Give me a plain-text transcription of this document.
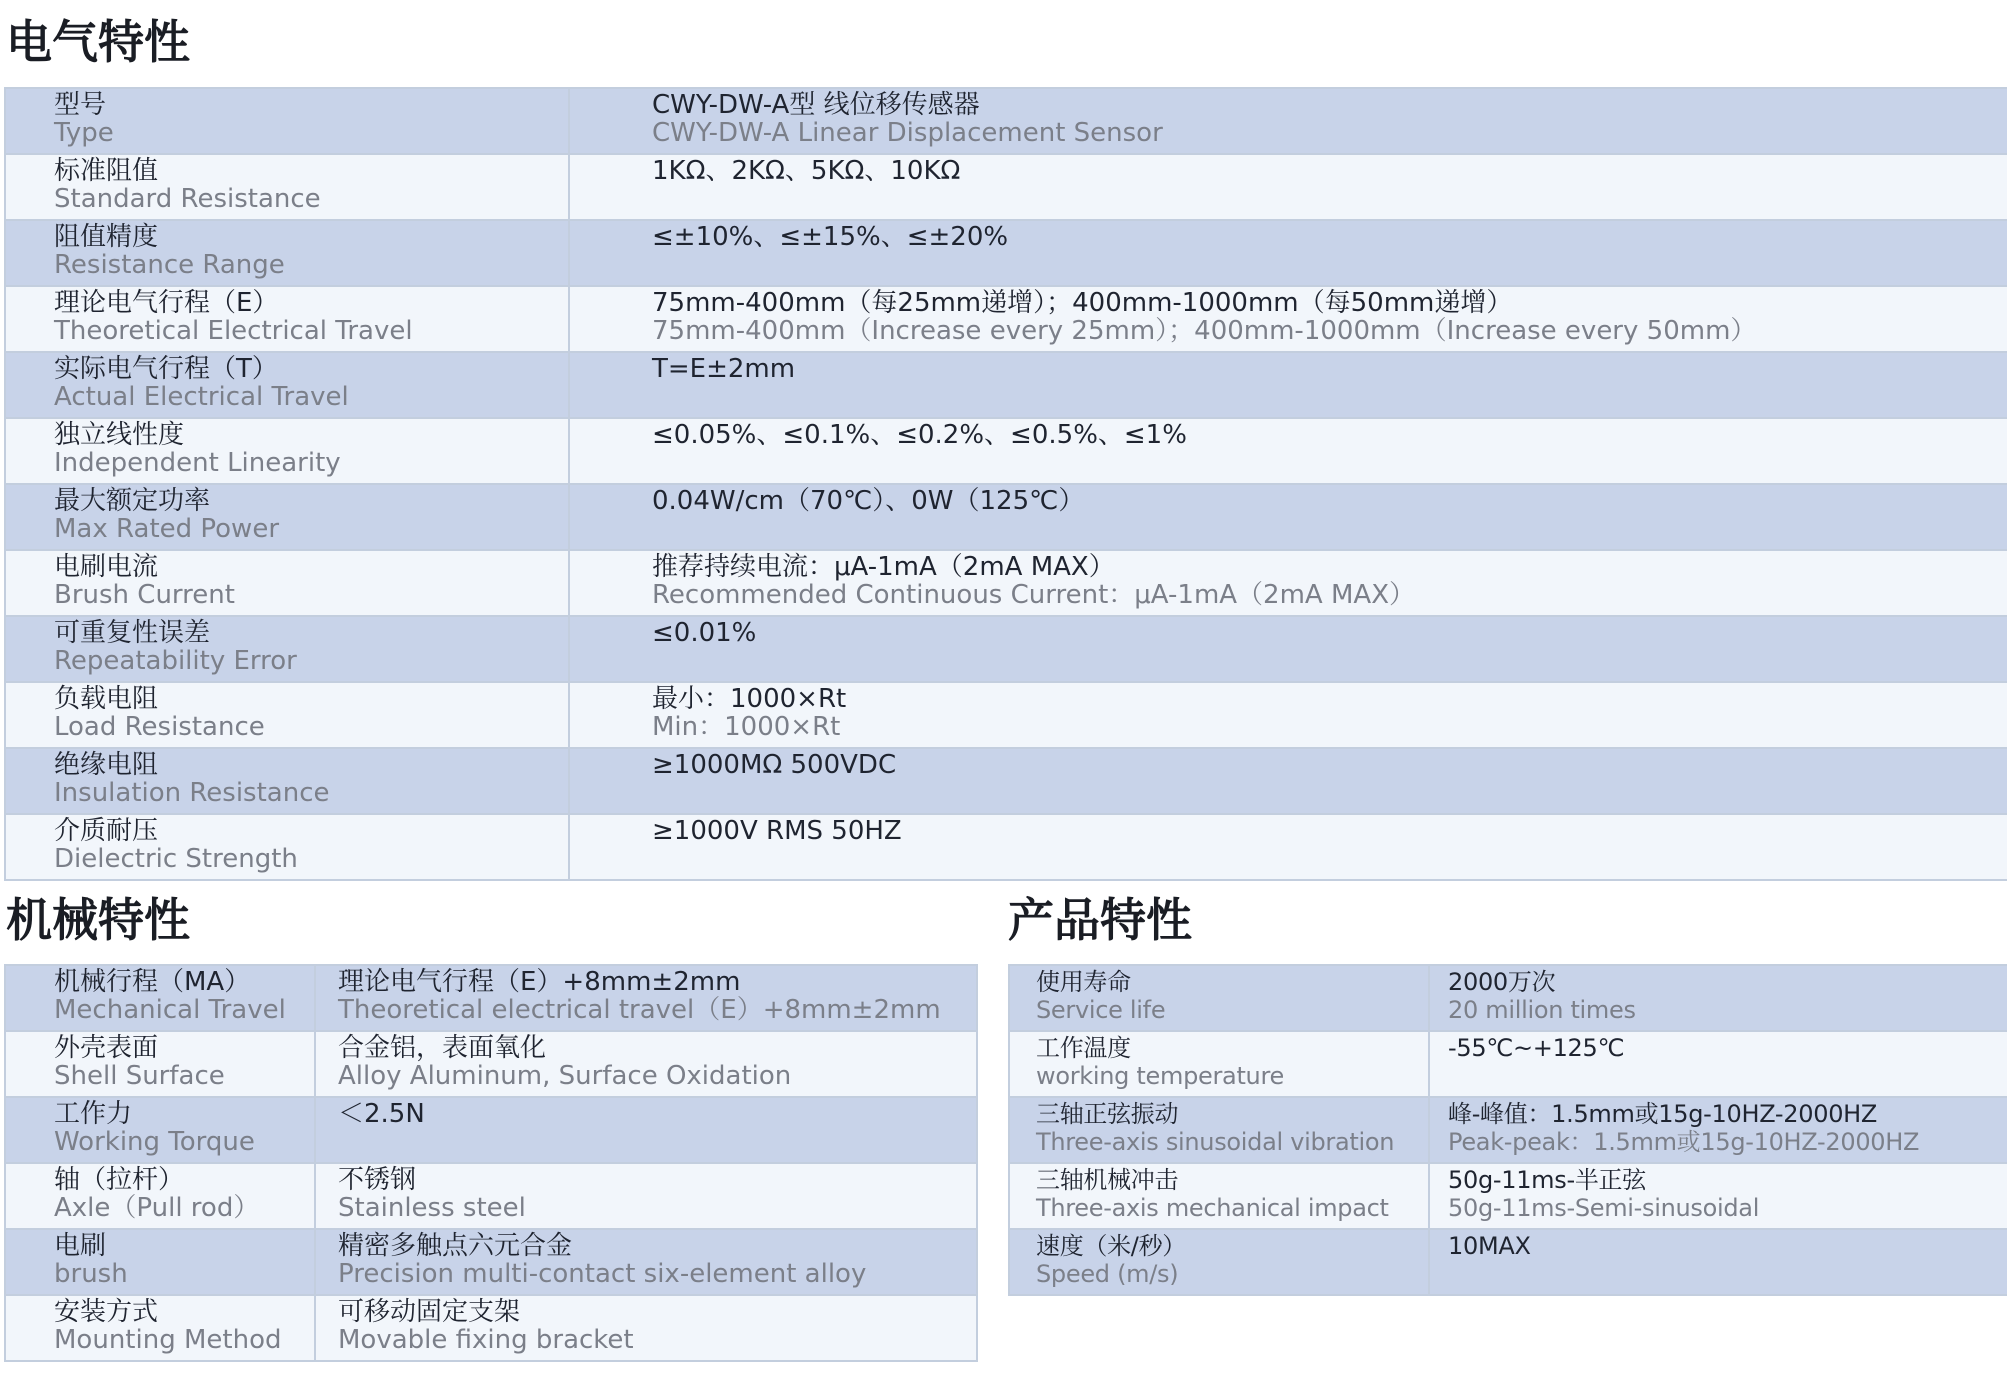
电气特性
型号
Type	CWY-DW-A型 线位移传感器
CWY-DW-A Linear Displacement Sensor

标准阻值
Standard Resistance	1KΩ、2KΩ、5KΩ、10KΩ

阻值精度
Resistance Range	≤±10%、≤±15%、≤±20%

理论电气行程（E）
Theoretical Electrical Travel	75mm-400mm（每25mm递增）；400mm-1000mm（每50mm递增）
75mm-400mm（Increase every 25mm）；400mm-1000mm（Increase every 50mm）

实际电气行程（T）
Actual Electrical Travel	T=E±2mm

独立线性度
Independent Linearity	≤0.05%、≤0.1%、≤0.2%、≤0.5%、≤1%

最大额定功率
Max Rated Power	0.04W/cm（70℃）、0W（125℃）

电刷电流
Brush Current	推荐持续电流：μA-1mA（2mA MAX）
Recommended Continuous Current：μA-1mA（2mA MAX）

可重复性误差
Repeatability Error	≤0.01%

负载电阻
Load Resistance	最小：1000×Rt
Min：1000×Rt

绝缘电阻
Insulation Resistance	≥1000MΩ 500VDC

介质耐压
Dielectric Strength	≥1000V RMS 50HZ
机械特性
机械行程（MA）
Mechanical Travel	理论电气行程（E）+8mm±2mm
Theoretical electrical travel（E）+8mm±2mm

外壳表面
Shell Surface	合金铝，表面氧化
Alloy Aluminum, Surface Oxidation

工作力
Working Torque	＜2.5N

轴（拉杆）
Axle（Pull rod）	不锈钢
Stainless steel

电刷
brush	精密多触点六元合金
Precision multi-contact six-element alloy

安装方式
Mounting Method	可移动固定支架
Movable fixing bracket
产品特性
使用寿命
Service life	2000万次
20 million times

工作温度
working temperature	-55℃~+125℃

三轴正弦振动
Three-axis sinusoidal vibration	峰-峰值：1.5mm或15g-10HZ-2000HZ
Peak-peak：1.5mm或15g-10HZ-2000HZ

三轴机械冲击
Three-axis mechanical impact	50g-11ms-半正弦
50g-11ms-Semi-sinusoidal

速度（米/秒）
Speed (m/s)	10MAX
